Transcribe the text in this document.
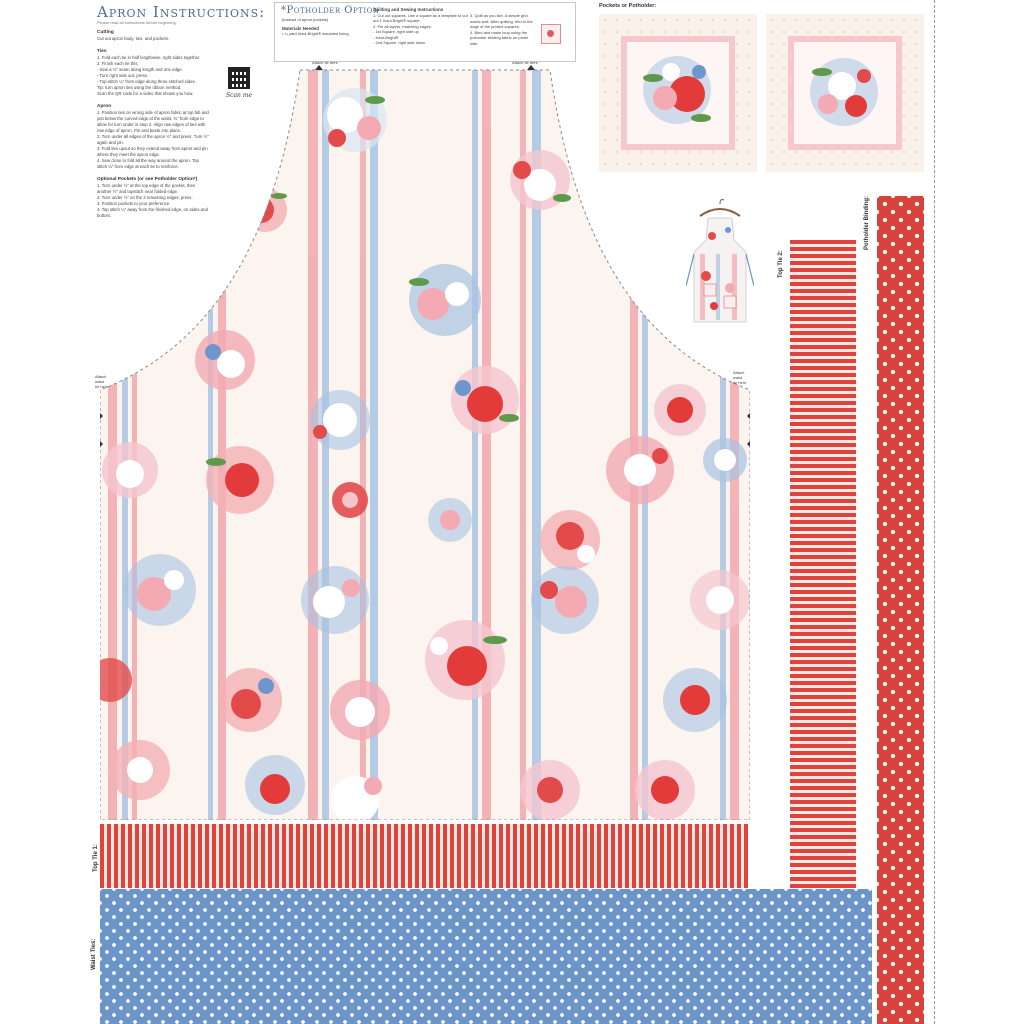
Apron Instructions:
Please read all instructions before beginning.
Cutting
Cut out apron body, ties, and pockets.
Ties
1. Fold each tie in half lengthwise, right sides together.
2. Finish each tie this:
- Sew a ¼" seam along length and one edge.
- Turn right side out, press.
- Top-stitch ¼" from edge along three stitched sides.
Tip: turn apron ties using the ribbon method.
Scan the QR code for a video that shows you how.
Apron
1. Position ties on wrong side of apron fabric at top bib and just below the curved edge at the waist, ¾" from edge to allow for turn under in step 2. Align raw edges of ties with raw edge of apron. Pin and baste into place.
2. Turn under all edges of the apron ½" and press. Turn ½" again and pin.
3. Fold ties upout so they extend away from apron and pin where they meet the apron edge.
4. Sew close to fold all the way around the apron. Top stitch ¼" from edge at each tie to reinforce.
Optional Pockets (or see Potholder Option*)
1. Turn under ½" at the top edge of the pocket, then another ½" and topstitch near folded edge.
2. Turn under ½" on the 3 remaining edges, press.
3. Position pockets to your preference.
4. Top stitch ¼" away from the finished edge, on sides and bottom.
Scan me
*Potholder Option
(instead of apron pockets)
Materials Needed
• ¼ yard Insul-Bright® insulated lining
Quilting and Sewing Instructions
1. Cut out squares. Use a square as a template to cut out 1 Insul-Bright® square.
2. Pin all layers, matching edges:
- 1st Square, right side up
- Insul-Bright®
- 2nd Square, right side down
3. Quilt as you like. A simple grid works well. After quilting, trim to the edge of the printed squares.
4. Bind and make loop using the potholder binding fabric on panel side.
Attach tie here	Attach tie here
Attach
waist
tie here
Attach
waist
tie here
Pockets or Potholder:
Top Tie 2:
Potholder Binding:
Top Tie 1:
Waist Ties:
